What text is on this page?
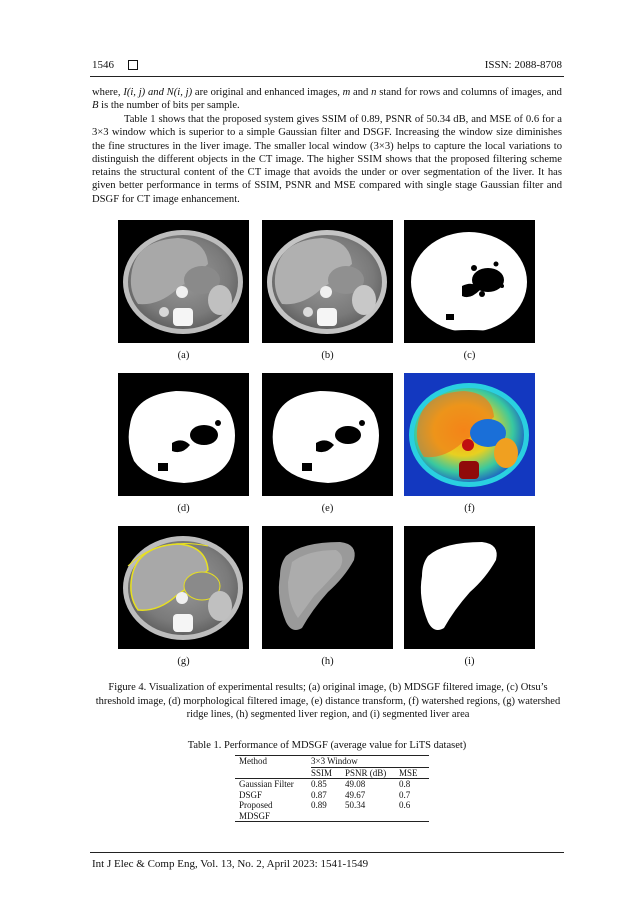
1546	ISSN: 2088-8708

where, I(i, j) and N(i, j) are original and enhanced images, m and n stand for rows and columns of images, and B is the number of bits per sample.

Table 1 shows that the proposed system gives SSIM of 0.89, PSNR of 50.34 dB, and MSE of 0.6 for a 3×3 window which is superior to a simple Gaussian filter and DSGF. Increasing the window size diminishes the fine structures in the liver image. The smaller local window (3×3) helps to capture the local variations to distinguish the different objects in the CT image. The higher SSIM shows that the proposed filtering scheme retains the structural content of the CT image that avoids the under or over segmentation of the liver. It has given better performance in terms of SSIM, PSNR and MSE compared with single stage Gaussian filter and DSGF for CT image enhancement.

(a)	(b)	(c)
(d)	(e)	(f)
(g)	(h)	(i)
Figure 4. Visualization of experimental results; (a) original image, (b) MDSGF filtered image, (c) Otsu’s threshold image, (d) morphological filtered image, (e) distance transform, (f) watershed regions, (g) watershed ridge lines, (h) segmented liver region, and (i) segmented liver area
Table 1. Performance of MDSGF (average value for LiTS dataset)
Method	3×3 Window		
	SSIM	PSNR (dB)	MSE
Gaussian Filter	0.85	49.08	0.8
DSGF	0.87	49.67	0.7
Proposed MDSGF	0.89	50.34	0.6
Int J Elec & Comp Eng, Vol. 13, No. 2, April 2023: 1541-1549
